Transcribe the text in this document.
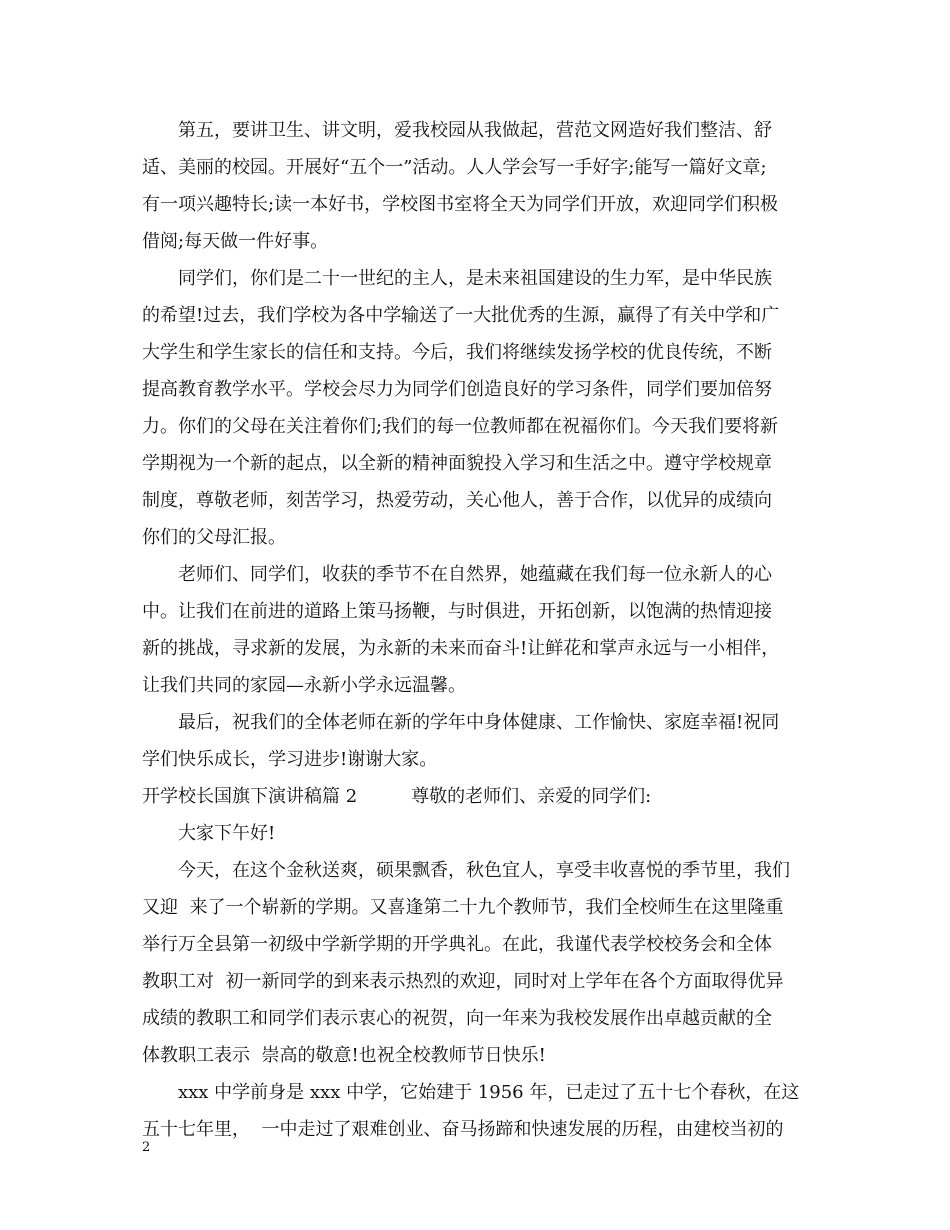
第五，要讲卫生、讲文明，爱我校园从我做起，营范文网造好我们整洁、舒
适、美丽的校园。开展好“五个一”活动。人人学会写一手好字;能写一篇好文章;
有一项兴趣特长;读一本好书，学校图书室将全天为同学们开放，欢迎同学们积极
借阅;每天做一件好事。
同学们，你们是二十一世纪的主人，是未来祖国建设的生力军，是中华民族
的希望!过去，我们学校为各中学输送了一大批优秀的生源，赢得了有关中学和广
大学生和学生家长的信任和支持。今后，我们将继续发扬学校的优良传统，不断
提高教育教学水平。学校会尽力为同学们创造良好的学习条件，同学们要加倍努
力。你们的父母在关注着你们;我们的每一位教师都在祝福你们。今天我们要将新
学期视为一个新的起点，以全新的精神面貌投入学习和生活之中。遵守学校规章
制度，尊敬老师，刻苦学习，热爱劳动，关心他人，善于合作，以优异的成绩向
你们的父母汇报。
老师们、同学们，收获的季节不在自然界，她蕴藏在我们每一位永新人的心
中。让我们在前进的道路上策马扬鞭，与时俱进，开拓创新，以饱满的热情迎接
新的挑战，寻求新的发展，为永新的未来而奋斗!让鲜花和掌声永远与一小相伴，
让我们共同的家园—永新小学永远温馨。
最后，祝我们的全体老师在新的学年中身体健康、工作愉快、家庭幸福!祝同
学们快乐成长，学习进步!谢谢大家。
开学校长国旗下演讲稿篇 2　　　尊敬的老师们、亲爱的同学们:
大家下午好!
今天，在这个金秋送爽，硕果飘香，秋色宜人，享受丰收喜悦的季节里，我们
又迎  来了一个崭新的学期。又喜逢第二十九个教师节，我们全校师生在这里隆重
举行万全县第一初级中学新学期的开学典礼。在此，我谨代表学校校务会和全体
教职工对  初一新同学的到来表示热烈的欢迎，同时对上学年在各个方面取得优异
成绩的教职工和同学们表示衷心的祝贺，向一年来为我校发展作出卓越贡献的全
体教职工表示  崇高的敬意!也祝全校教师节日快乐!
xxx 中学前身是 xxx 中学，它始建于 1956 年，已走过了五十七个春秋，在这
五十七年里，  一中走过了艰难创业、奋马扬蹄和快速发展的历程，由建校当初的
2
